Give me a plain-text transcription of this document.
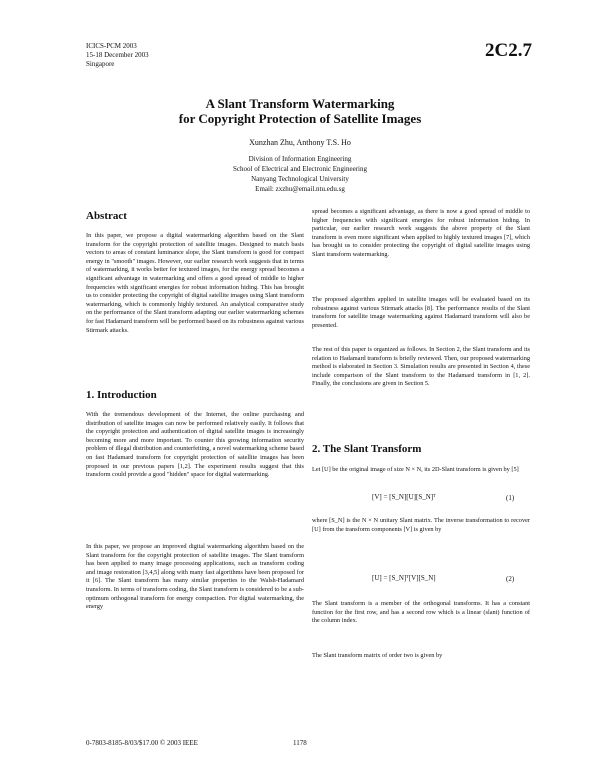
ICICS-PCM 2003
15-18 December 2003
Singapore
2C2.7
A Slant Transform Watermarking
for Copyright Protection of Satellite Images
Xunzhan Zhu, Anthony T.S. Ho
Division of Information Engineering
School of Electrical and Electronic Engineering
Nanyang Technological University
Email: zxzhu@email.ntu.edu.sg
Abstract
In this paper, we propose a digital watermarking algorithm based on the Slant transform for the copyright protection of satellite images. Designed to match basis vectors to areas of constant luminance slope, the Slant transform is good for compact energy in "smooth" images. However, our earlier research work suggests that in terms of watermarking, it works better for textured images, for the energy spread becomes a significant advantage in watermarking and offers a good spread of middle to higher frequencies with significant energies for robust information hiding. This has brought us to consider protecting the copyright of digital satellite images using Slant transform watermarking, which is commonly highly textured. An analytical comparative study on the performance of the Slant transform adapting our earlier watermarking schemes for fast Hadamard transform will be performed based on its robustness against various Stirmark attacks.
1. Introduction
With the tremendous development of the Internet, the online purchasing and distribution of satellite images can now be performed relatively easily. It follows that the copyright protection and authentication of digital satellite images is increasingly becoming more and more important. To counter this growing information security problem of illegal distribution and counterfeiting, a novel watermarking scheme based on fast Hadamard transform for copyright protection of satellite images has been proposed in our previous papers [1,2]. The experiment results suggest that this transform could provide a good "hidden" space for digital watermarking.
In this paper, we propose an improved digital watermarking algorithm based on the Slant transform for the copyright protection of satellite images. The Slant transform has been applied to many image processing applications, such as transform coding and image restoration [3,4,5] along with many fast algorithms have been proposed for it [6]. The Slant transform has many similar properties to the Walsh-Hadamard transform. In terms of transform coding, the Slant transform is considered to be a sub-optimum orthogonal transform for energy compaction. For digital watermarking, the energy
spread becomes a significant advantage, as there is now a good spread of middle to higher frequencies with significant energies for robust information hiding. In particular, our earlier research work suggests the above property of the Slant transform is even more significant when applied to highly textured images [7], which has brought us to consider protecting the copyright of digital satellite images using Slant transform watermarking.
The proposed algorithm applied in satellite images will be evaluated based on its robustness against various Stirmark attacks [8]. The performance results of the Slant transform for satellite image watermarking against Hadamard transform will also be presented.
The rest of this paper is organized as follows. In Section 2, the Slant transform and its relation to Hadamard transform is briefly reviewed. Then, our proposed watermarking method is elaborated in Section 3. Simulation results are presented in Section 4, these include comparison of the Slant transform to the Hadamard transform in [1, 2]. Finally, the conclusions are given in Section 5.
2. The Slant Transform
Let [U] be the original image of size N × N, its 2D-Slant transform is given by [5]
[V] = [S_N][U][S_N]ᵀ	(1)
where [S_N] is the N × N unitary Slant matrix. The inverse transformation to recover [U] from the transform components [V] is given by
[U] = [S_N]ᵀ[V][S_N]	(2)
The Slant transform is a member of the orthogonal transforms. It has a constant function for the first row, and has a second row which is a linear (slant) function of the column index.
The Slant transform matrix of order two is given by
0-7803-8185-8/03/$17.00 © 2003 IEEE	1178
